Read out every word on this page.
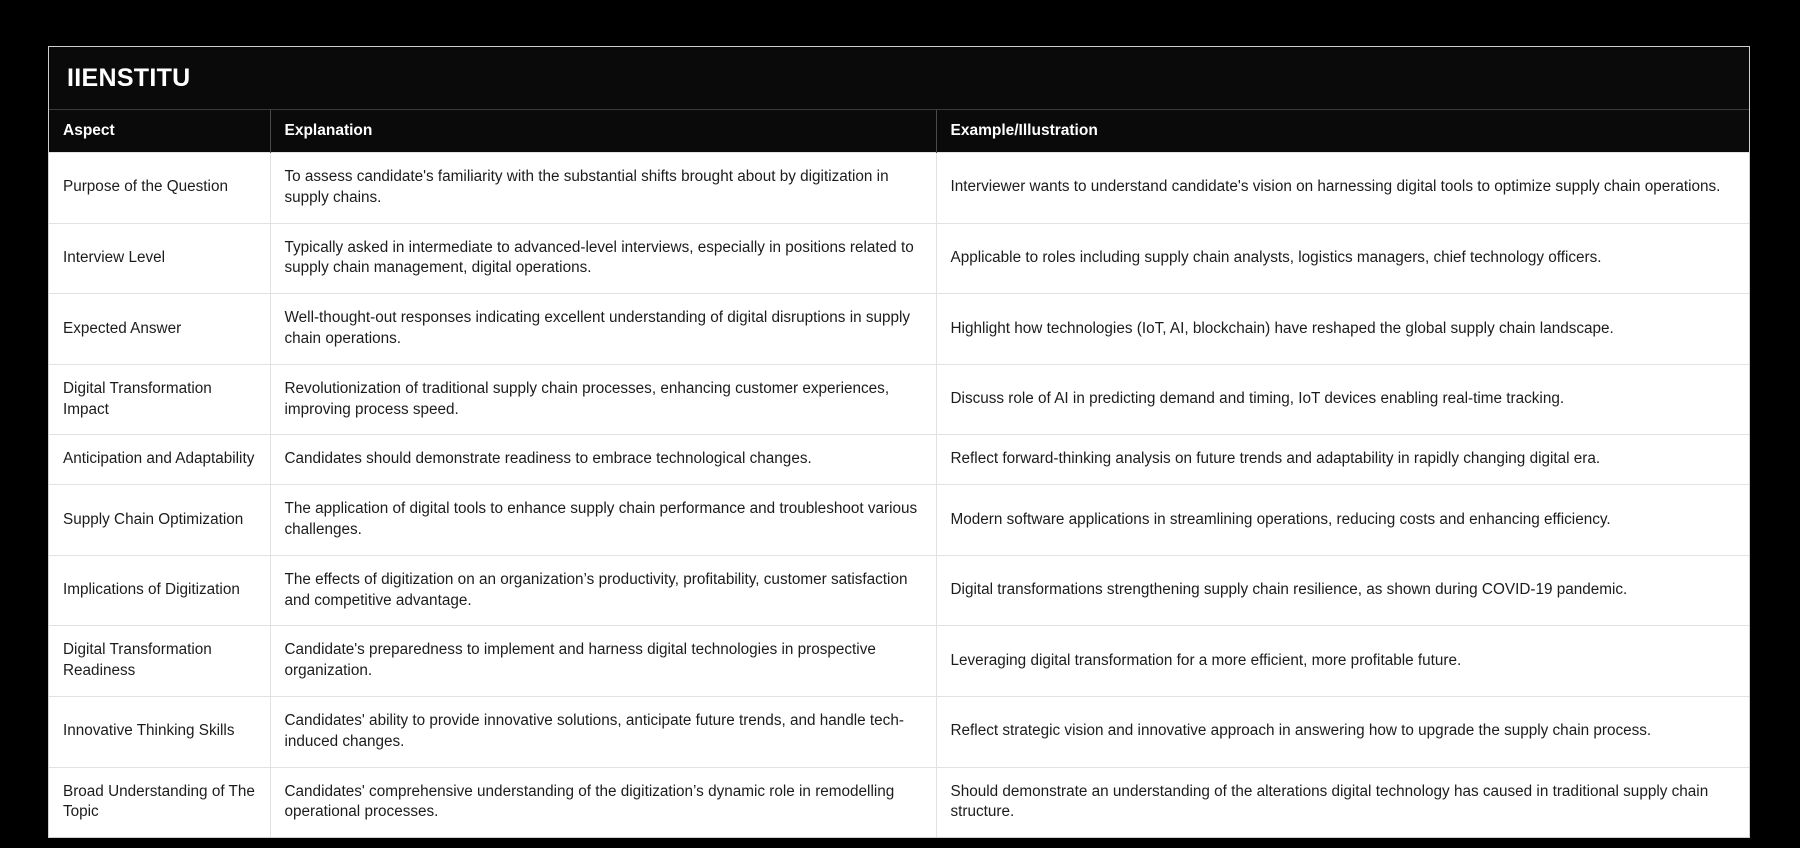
IIENSTITU
Aspect	Explanation	Example/Illustration
Purpose of the Question	To assess candidate's familiarity with the substantial shifts brought about by digitization in supply chains.	Interviewer wants to understand candidate's vision on harnessing digital tools to optimize supply chain operations.
Interview Level	Typically asked in intermediate to advanced-level interviews, especially in positions related to supply chain management, digital operations.	Applicable to roles including supply chain analysts, logistics managers, chief technology officers.
Expected Answer	Well-thought-out responses indicating excellent understanding of digital disruptions in supply chain operations.	Highlight how technologies (IoT, AI, blockchain) have reshaped the global supply chain landscape.
Digital Transformation Impact	Revolutionization of traditional supply chain processes, enhancing customer experiences, improving process speed.	Discuss role of AI in predicting demand and timing, IoT devices enabling real-time tracking.
Anticipation and Adaptability	Candidates should demonstrate readiness to embrace technological changes.	Reflect forward-thinking analysis on future trends and adaptability in rapidly changing digital era.
Supply Chain Optimization	The application of digital tools to enhance supply chain performance and troubleshoot various challenges.	Modern software applications in streamlining operations, reducing costs and enhancing efficiency.
Implications of Digitization	The effects of digitization on an organization’s productivity, profitability, customer satisfaction and competitive advantage.	Digital transformations strengthening supply chain resilience, as shown during COVID-19 pandemic.
Digital Transformation Readiness	Candidate's preparedness to implement and harness digital technologies in prospective organization.	Leveraging digital transformation for a more efficient, more profitable future.
Innovative Thinking Skills	Candidates' ability to provide innovative solutions, anticipate future trends, and handle tech-induced changes.	Reflect strategic vision and innovative approach in answering how to upgrade the supply chain process.
Broad Understanding of The Topic	Candidates' comprehensive understanding of the digitization’s dynamic role in remodelling operational processes.	Should demonstrate an understanding of the alterations digital technology has caused in traditional supply chain structure.
